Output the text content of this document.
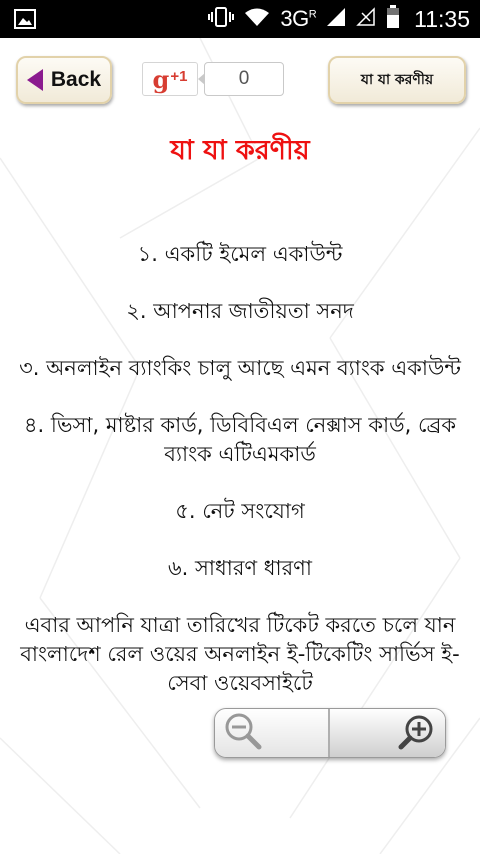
$3G^R$	11:35
Back g +1	0	যা যা করণীয়
যা যা করণীয়

১. একটি ইমেল একাউন্ট

২. আপনার জাতীয়তা সনদ

৩. অনলাইন ব্যাংকিং চালু আছে এমন ব্যাংক একাউন্ট

৪. ভিসা, মাষ্টার কার্ড, ডিবিবিএল নেক্সাস কার্ড, ব্রেক ব্যাংক এটিএমকার্ড

৫. নেট সংযোগ

৬. সাধারণ ধারণা

এবার আপনি যাত্রা তারিখের টিকেট করতে চলে যান বাংলাদেশ রেল ওয়ের অনলাইন ই-টিকেটিং সার্ভিস ই-সেবা ওয়েবসাইটে
